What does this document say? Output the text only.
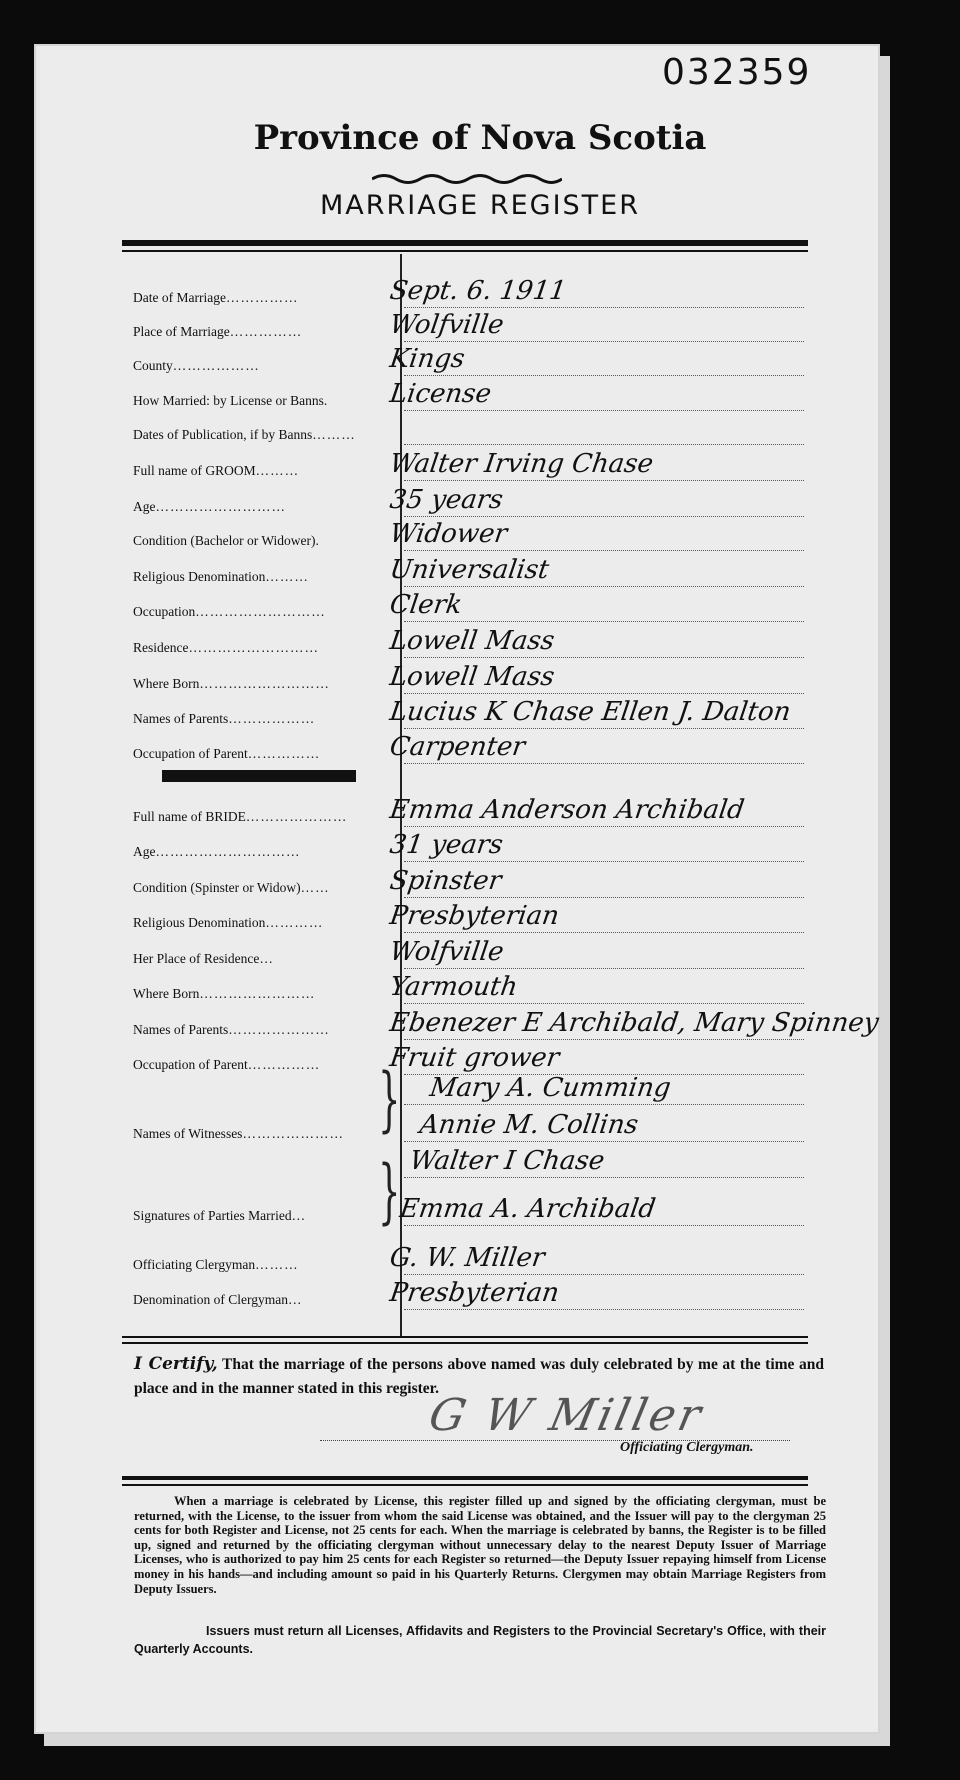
032359
Province of Nova Scotia
MARRIAGE REGISTER
Date of Marriage……………	Sept. 6. 1911
Place of Marriage……………	Wolfville
County………………	Kings
How Married: by License or Banns. License
Dates of Publication, if by Banns………
Full name of GROOM………	Walter Irving Chase
Age………………………	35 years
Condition (Bachelor or Widower).	Widower
Religious Denomination………	Universalist
Occupation……………………… Clerk
Residence………………………	Lowell Mass
Where Born……………………… Lowell Mass
Names of Parents………………	Lucius K Chase Ellen J. Dalton
Occupation of Parent……………	Carpenter
Full name of BRIDE………………… Emma Anderson Archibald
Age…………………………	31 years
Condition (Spinster or Widow)…… Spinster
Religious Denomination………… Presbyterian
Her Place of Residence…	Wolfville
Where Born……………………	Yarmouth
Names of Parents………………… Ebenezer E Archibald, Mary Spinney
Occupation of Parent……………	Fruit grower
Names of Witnesses………………… } Mary A. Cumming
Annie M. Collins
Signatures of Parties Married… } Walter I Chase
Emma A. Archibald
Officiating Clergyman………	G. W. Miller
Denomination of Clergyman…	Presbyterian
I Certify, That the marriage of the persons above named was duly celebrated by me at the time and place and in the manner stated in this register.
G W Miller
Officiating Clergyman.
When a marriage is celebrated by License, this register filled up and signed by the officiating clergyman, must be returned, with the License, to the issuer from whom the said License was obtained, and the Issuer will pay to the clergyman 25 cents for both Register and License, not 25 cents for each. When the marriage is celebrated by banns, the Register is to be filled up, signed and returned by the officiating clergyman without unnecessary delay to the nearest Deputy Issuer of Marriage Licenses, who is authorized to pay him 25 cents for each Register so returned—the Deputy Issuer repaying himself from License money in his hands—and including amount so paid in his Quarterly Returns. Clergymen may obtain Marriage Registers from Deputy Issuers.
Issuers must return all Licenses, Affidavits and Registers to the Provincial Secretary's Office, with their Quarterly Accounts.
